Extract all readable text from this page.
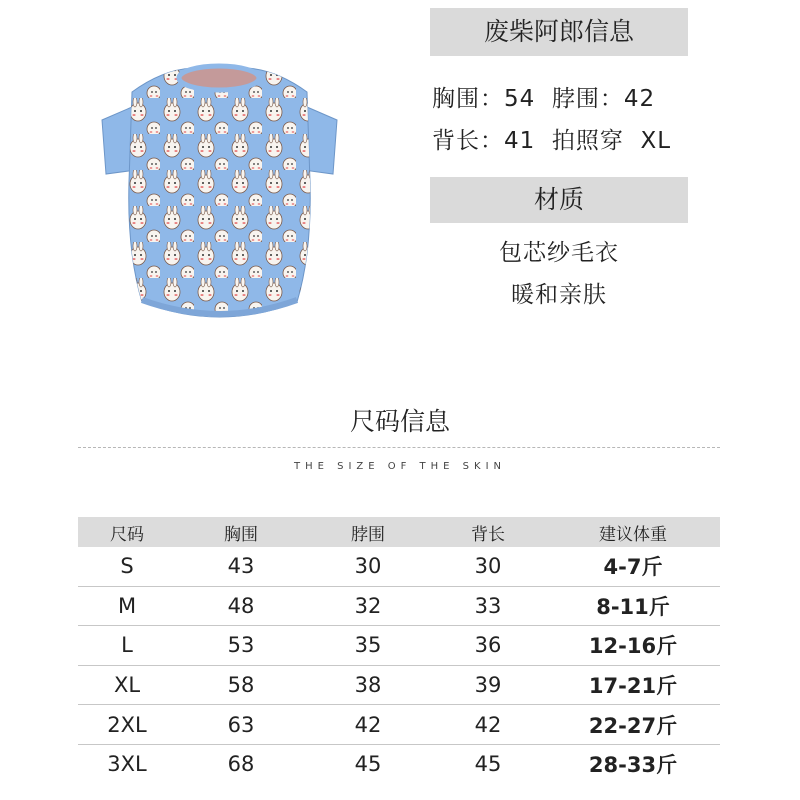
废柴阿郎信息
胸围：54  脖围：42
背长：41  拍照穿  XL
材质
包芯纱毛衣
暖和亲肤
尺码信息
THE SIZE OF THE SKIN
尺码	胸围	脖围	背长	建议体重
S	43	30	30	4-7斤
M	48	32	33	8-11斤
L	53	35	36	12-16斤
XL	58	38	39	17-21斤
2XL	63	42	42	22-27斤
3XL	68	45	45	28-33斤
